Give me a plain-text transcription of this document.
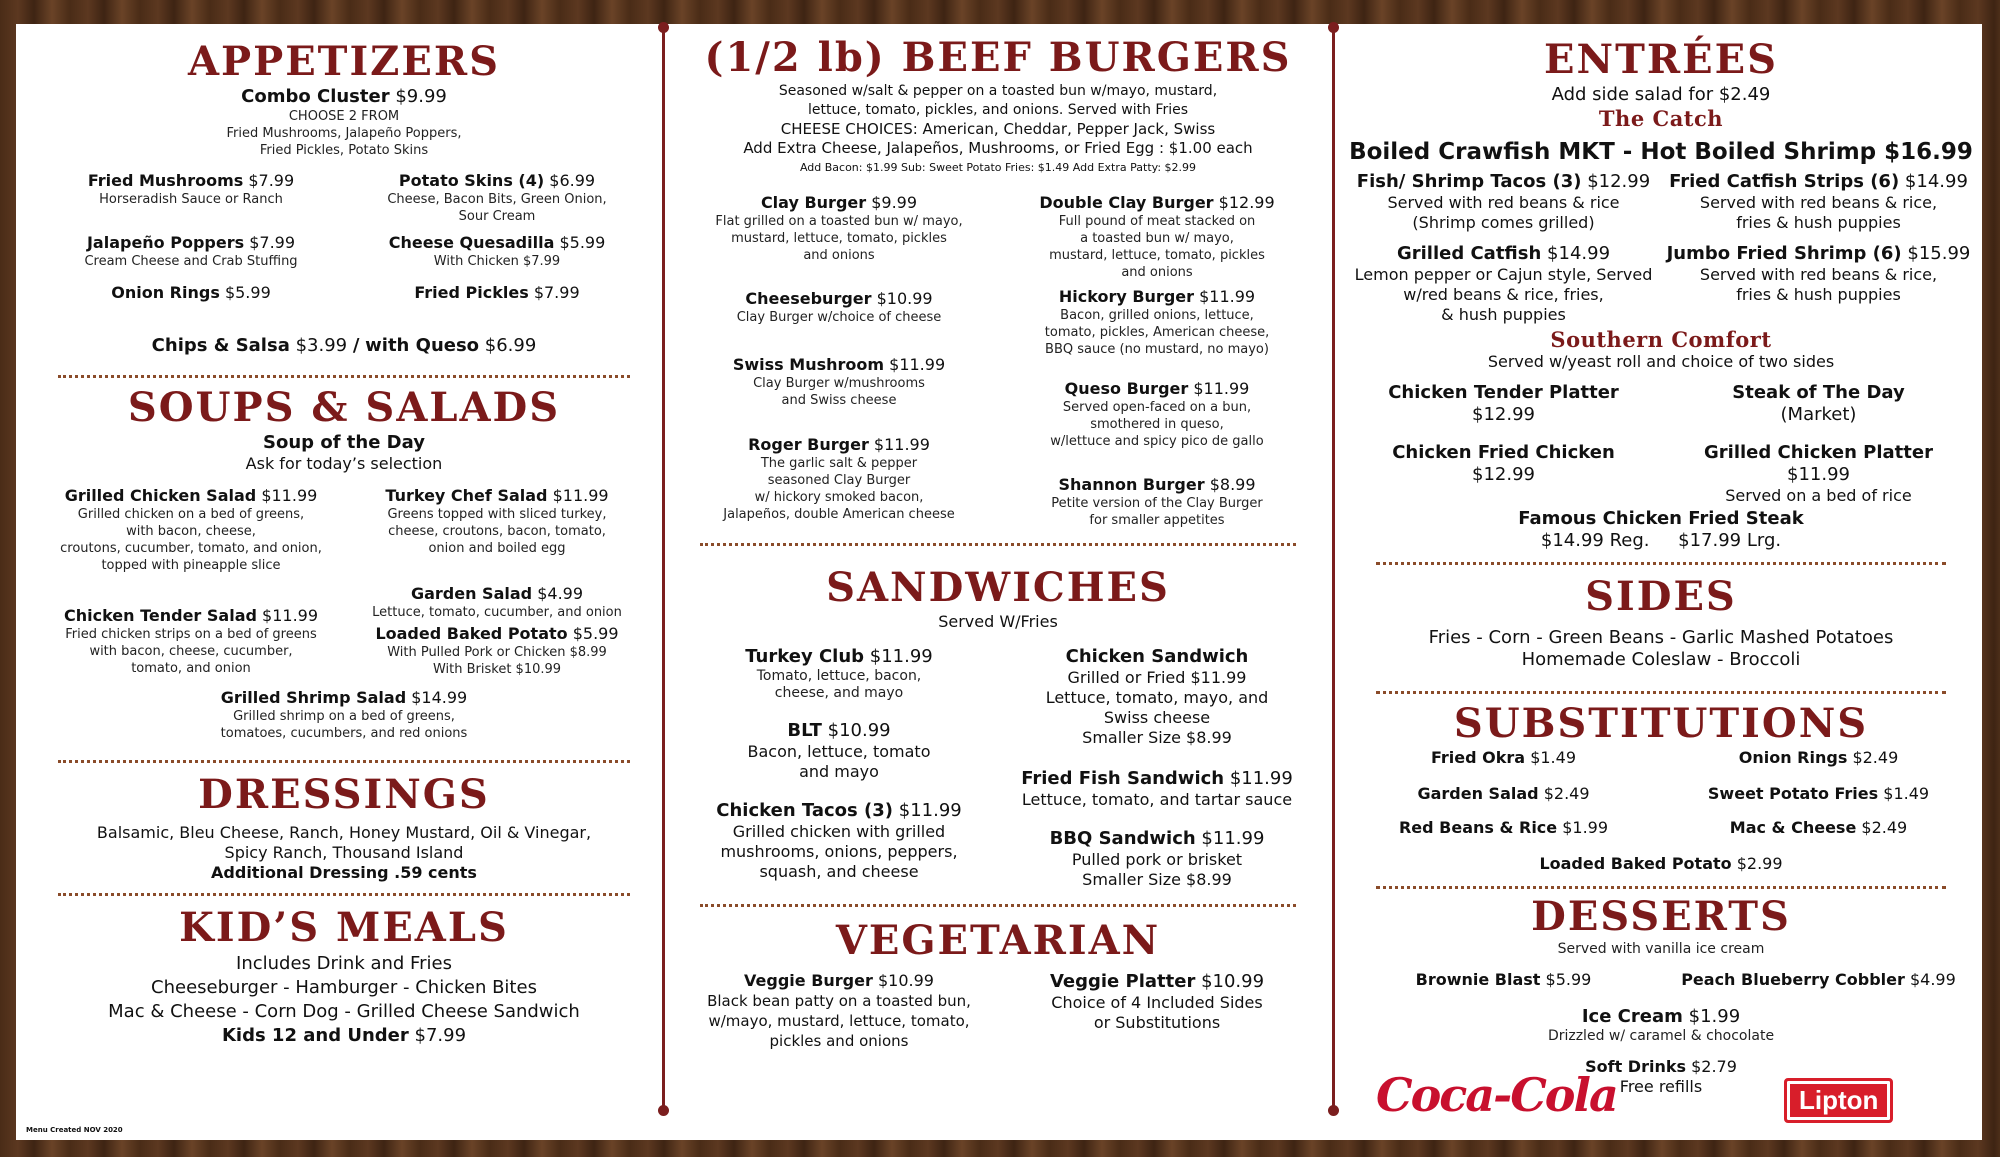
APPETIZERS
Combo Cluster $9.99
CHOOSE 2 FROM
Fried Mushrooms, Jalapeño Poppers,
Fried Pickles, Potato Skins
Fried Mushrooms $7.99
Horseradish Sauce or Ranch
Potato Skins (4) $6.99
Cheese, Bacon Bits, Green Onion,
Sour Cream
Jalapeño Poppers $7.99
Cream Cheese and Crab Stuffing
Cheese Quesadilla $5.99
With Chicken $7.99
Onion Rings $5.99	Fried Pickles $7.99
Chips & Salsa $3.99 / with Queso $6.99
SOUPS & SALADS
Soup of the Day
Ask for today’s selection
Grilled Chicken Salad $11.99
Grilled chicken on a bed of greens,
with bacon, cheese,
croutons, cucumber, tomato, and onion,
topped with pineapple slice
Chicken Tender Salad $11.99
Fried chicken strips on a bed of greens
with bacon, cheese, cucumber,
tomato, and onion
Turkey Chef Salad $11.99
Greens topped with sliced turkey,
cheese, croutons, bacon, tomato,
onion and boiled egg
Garden Salad $4.99
Lettuce, tomato, cucumber, and onion
Loaded Baked Potato $5.99
With Pulled Pork or Chicken $8.99
With Brisket $10.99
Grilled Shrimp Salad $14.99
Grilled shrimp on a bed of greens,
tomatoes, cucumbers, and red onions
DRESSINGS
Balsamic, Bleu Cheese, Ranch, Honey Mustard, Oil & Vinegar,
Spicy Ranch, Thousand Island
Additional Dressing .59 cents
KID’S MEALS
Includes Drink and Fries
Cheeseburger - Hamburger - Chicken Bites
Mac & Cheese - Corn Dog - Grilled Cheese Sandwich
Kids 12 and Under $7.99
Menu Created NOV 2020
(1/2 lb) BEEF BURGERS
Seasoned w/salt & pepper on a toasted bun w/mayo, mustard,
lettuce, tomato, pickles, and onions. Served with Fries
CHEESE CHOICES: American, Cheddar, Pepper Jack, Swiss
Add Extra Cheese, Jalapeños, Mushrooms, or Fried Egg : $1.00 each
Add Bacon: $1.99 Sub: Sweet Potato Fries: $1.49 Add Extra Patty: $2.99
Clay Burger $9.99
Flat grilled on a toasted bun w/ mayo,
mustard, lettuce, tomato, pickles
and onions
Cheeseburger $10.99
Clay Burger w/choice of cheese
Swiss Mushroom $11.99
Clay Burger w/mushrooms
and Swiss cheese
Roger Burger $11.99
The garlic salt & pepper
seasoned Clay Burger
w/ hickory smoked bacon,
Jalapeños, double American cheese
Double Clay Burger $12.99
Full pound of meat stacked on
a toasted bun w/ mayo,
mustard, lettuce, tomato, pickles
and onions
Hickory Burger $11.99
Bacon, grilled onions, lettuce,
tomato, pickles, American cheese,
BBQ sauce (no mustard, no mayo)
Queso Burger $11.99
Served open-faced on a bun,
smothered in queso,
w/lettuce and spicy pico de gallo
Shannon Burger $8.99
Petite version of the Clay Burger
for smaller appetites
SANDWICHES
Served W/Fries
Turkey Club $11.99
Tomato, lettuce, bacon,
cheese, and mayo
BLT $10.99
Bacon, lettuce, tomato
and mayo
Chicken Tacos (3) $11.99
Grilled chicken with grilled
mushrooms, onions, peppers,
squash, and cheese
Chicken Sandwich
Grilled or Fried $11.99
Lettuce, tomato, mayo, and
Swiss cheese
Smaller Size $8.99
Fried Fish Sandwich $11.99
Lettuce, tomato, and tartar sauce
BBQ Sandwich $11.99
Pulled pork or brisket
Smaller Size $8.99
VEGETARIAN
Veggie Burger $10.99
Black bean patty on a toasted bun,
w/mayo, mustard, lettuce, tomato,
pickles and onions
Veggie Platter $10.99
Choice of 4 Included Sides
or Substitutions
ENTRÉES
Add side salad for $2.49
The Catch
Boiled Crawfish MKT - Hot Boiled Shrimp $16.99
Fish/ Shrimp Tacos (3) $12.99
Served with red beans & rice
(Shrimp comes grilled)
Fried Catfish Strips (6) $14.99
Served with red beans & rice,
fries & hush puppies
Grilled Catfish $14.99
Lemon pepper or Cajun style, Served
w/red beans & rice, fries,
& hush puppies
Jumbo Fried Shrimp (6) $15.99
Served with red beans & rice,
fries & hush puppies
Southern Comfort
Served w/yeast roll and choice of two sides
Chicken Tender Platter
$12.99
Steak of The Day
(Market)
Chicken Fried Chicken
$12.99
Grilled Chicken Platter
$11.99
Served on a bed of rice
Famous Chicken Fried Steak
$14.99 Reg.     $17.99 Lrg.
SIDES
Fries - Corn - Green Beans - Garlic Mashed Potatoes
Homemade Coleslaw - Broccoli
SUBSTITUTIONS
Fried Okra $1.49	Onion Rings $2.49
Garden Salad $2.49	Sweet Potato Fries $1.49
Red Beans & Rice $1.99	Mac & Cheese $2.49
Loaded Baked Potato $2.99
DESSERTS
Served with vanilla ice cream
Brownie Blast $5.99	Peach Blueberry Cobbler $4.99
Ice Cream $1.99
Drizzled w/ caramel & chocolate
Soft Drinks $2.79
Free refills
Coca-Cola	Lipton
